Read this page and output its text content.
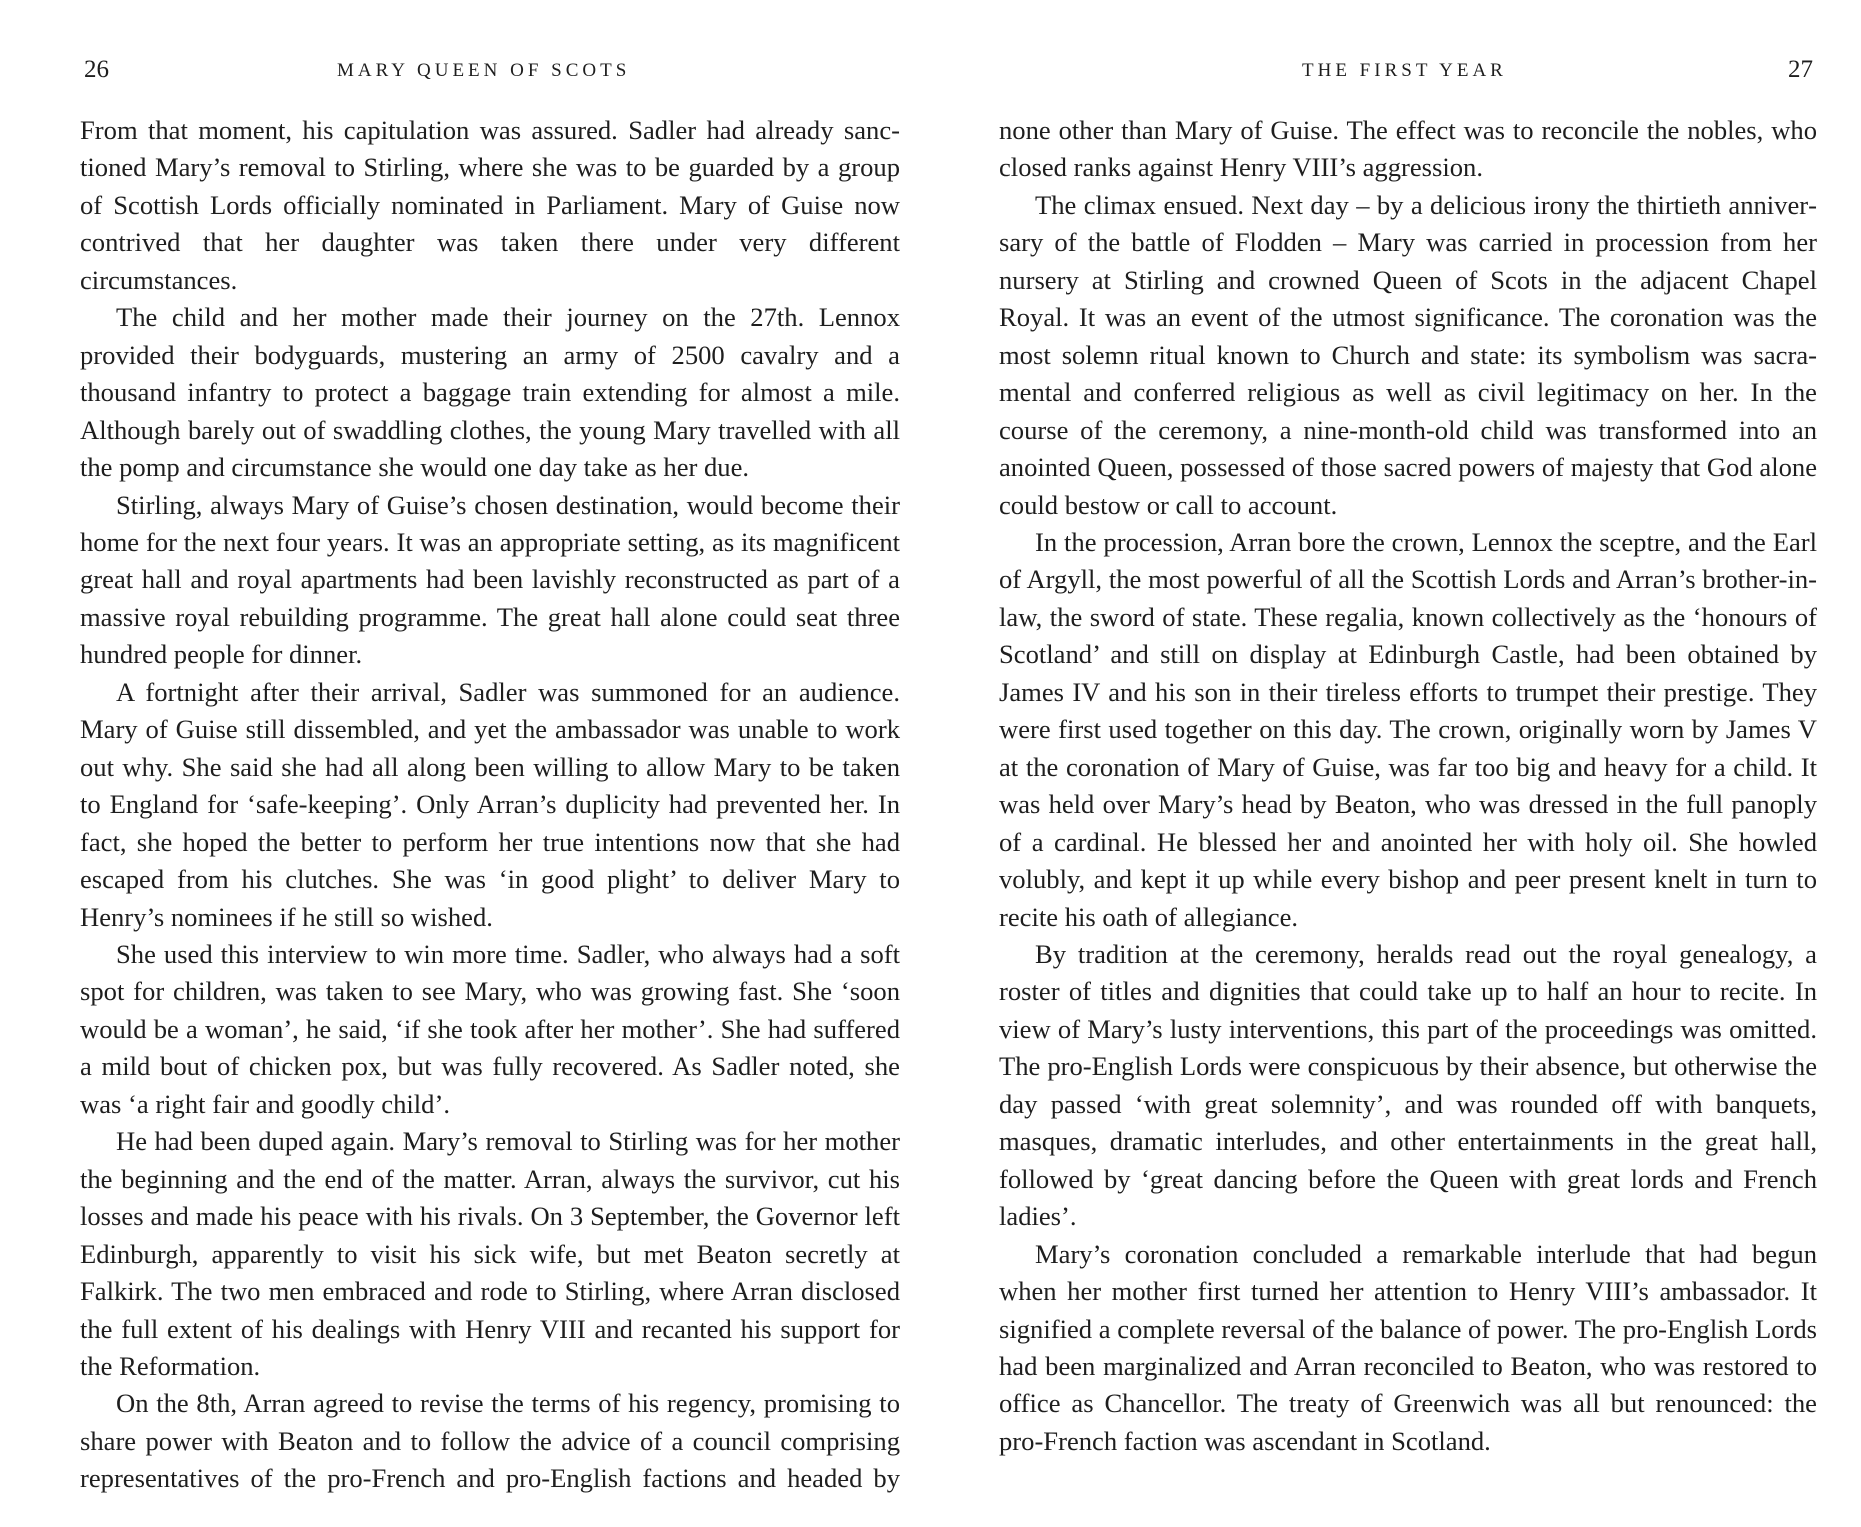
26	MARY QUEEN OF SCOTS

From that moment, his capitulation was assured. Sadler had already sanctioned Mary’s removal to Stirling, where she was to be guarded by a group of Scottish Lords officially nominated in Parliament. Mary of Guise now contrived that her daughter was taken there under very different circumstances.

The child and her mother made their journey on the 27th. Lennox provided their bodyguards, mustering an army of 2500 cavalry and a thousand infantry to protect a baggage train extending for almost a mile. Although barely out of swaddling clothes, the young Mary travelled with all the pomp and circumstance she would one day take as her due.

Stirling, always Mary of Guise’s chosen destination, would become their home for the next four years. It was an appropriate setting, as its magnificent great hall and royal apartments had been lavishly reconstructed as part of a massive royal rebuilding programme. The great hall alone could seat three hundred people for dinner.

A fortnight after their arrival, Sadler was summoned for an audience. Mary of Guise still dissembled, and yet the ambassador was unable to work out why. She said she had all along been willing to allow Mary to be taken to England for ‘safe-keeping’. Only Arran’s duplicity had prevented her. In fact, she hoped the better to perform her true intentions now that she had escaped from his clutches. She was ‘in good plight’ to deliver Mary to Henry’s nominees if he still so wished.

She used this interview to win more time. Sadler, who always had a soft spot for children, was taken to see Mary, who was growing fast. She ‘soon would be a woman’, he said, ‘if she took after her mother’. She had suffered a mild bout of chicken pox, but was fully recovered. As Sadler noted, she was ‘a right fair and goodly child’.

He had been duped again. Mary’s removal to Stirling was for her mother the beginning and the end of the matter. Arran, always the survivor, cut his losses and made his peace with his rivals. On 3 September, the Governor left Edinburgh, apparently to visit his sick wife, but met Beaton secretly at Falkirk. The two men embraced and rode to Stirling, where Arran disclosed the full extent of his dealings with Henry VIII and recanted his support for the Reformation.

On the 8th, Arran agreed to revise the terms of his regency, promising to share power with Beaton and to follow the advice of a council comprising representatives of the pro-French and pro-English factions and headed by

THE FIRST YEAR	27

none other than Mary of Guise. The effect was to reconcile the nobles, who closed ranks against Henry VIII’s aggression.

The climax ensued. Next day – by a delicious irony the thirtieth anniversary of the battle of Flodden – Mary was carried in procession from her nursery at Stirling and crowned Queen of Scots in the adjacent Chapel Royal. It was an event of the utmost significance. The coronation was the most solemn ritual known to Church and state: its symbolism was sacramental and conferred religious as well as civil legitimacy on her. In the course of the ceremony, a nine-month-old child was transformed into an anointed Queen, possessed of those sacred powers of majesty that God alone could bestow or call to account.

In the procession, Arran bore the crown, Lennox the sceptre, and the Earl of Argyll, the most powerful of all the Scottish Lords and Arran’s brother-in-law, the sword of state. These regalia, known collectively as the ‘honours of Scotland’ and still on display at Edinburgh Castle, had been obtained by James IV and his son in their tireless efforts to trumpet their prestige. They were first used together on this day. The crown, originally worn by James V at the coronation of Mary of Guise, was far too big and heavy for a child. It was held over Mary’s head by Beaton, who was dressed in the full panoply of a cardinal. He blessed her and anointed her with holy oil. She howled volubly, and kept it up while every bishop and peer present knelt in turn to recite his oath of allegiance.

By tradition at the ceremony, heralds read out the royal genealogy, a roster of titles and dignities that could take up to half an hour to recite. In view of Mary’s lusty interventions, this part of the proceedings was omitted. The pro-English Lords were conspicuous by their absence, but otherwise the day passed ‘with great solemnity’, and was rounded off with banquets, masques, dramatic interludes, and other entertainments in the great hall, followed by ‘great dancing before the Queen with great lords and French ladies’.

Mary’s coronation concluded a remarkable interlude that had begun when her mother first turned her attention to Henry VIII’s ambassador. It signified a complete reversal of the balance of power. The pro-English Lords had been marginalized and Arran reconciled to Beaton, who was restored to office as Chancellor. The treaty of Greenwich was all but renounced: the pro-French faction was ascendant in Scotland.
